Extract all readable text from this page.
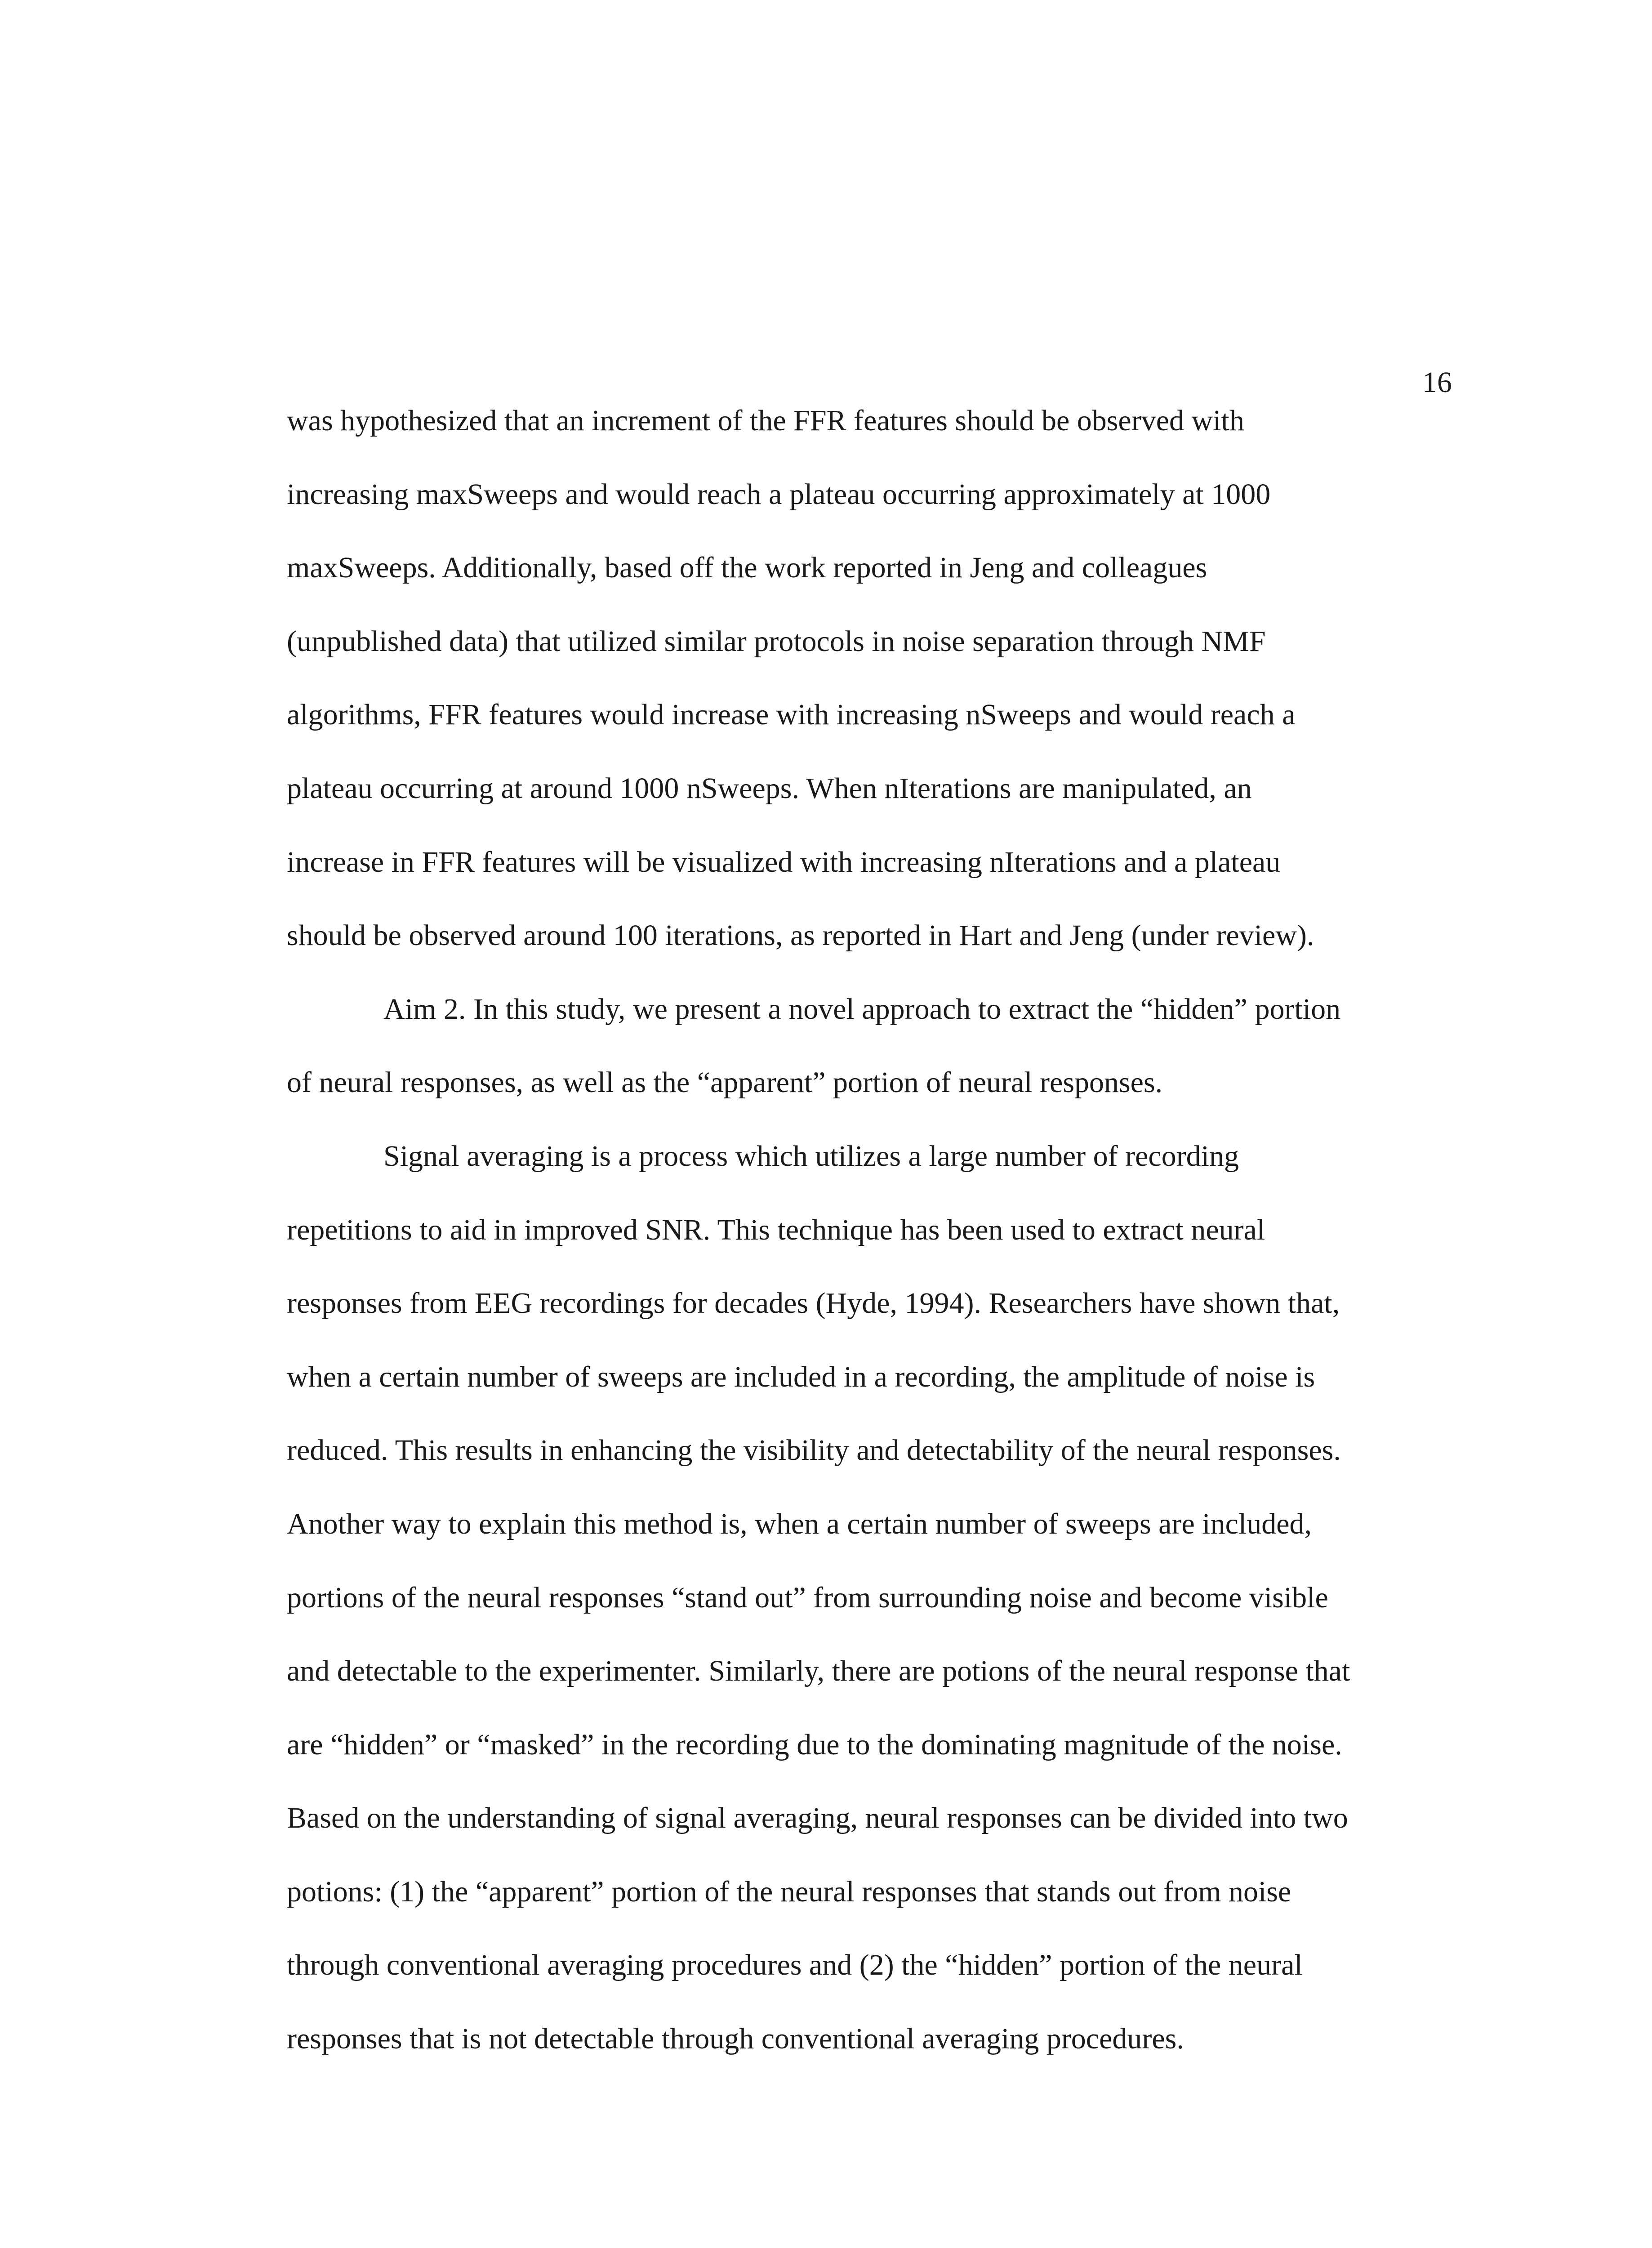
16
was hypothesized that an increment of the FFR features should be observed with
increasing maxSweeps and would reach a plateau occurring approximately at 1000
maxSweeps. Additionally, based off the work reported in Jeng and colleagues
(unpublished data) that utilized similar protocols in noise separation through NMF
algorithms, FFR features would increase with increasing nSweeps and would reach a
plateau occurring at around 1000 nSweeps. When nIterations are manipulated, an
increase in FFR features will be visualized with increasing nIterations and a plateau
should be observed around 100 iterations, as reported in Hart and Jeng (under review).
Aim 2. In this study, we present a novel approach to extract the “hidden” portion
of neural responses, as well as the “apparent” portion of neural responses.
Signal averaging is a process which utilizes a large number of recording
repetitions to aid in improved SNR. This technique has been used to extract neural
responses from EEG recordings for decades (Hyde, 1994). Researchers have shown that,
when a certain number of sweeps are included in a recording, the amplitude of noise is
reduced. This results in enhancing the visibility and detectability of the neural responses.
Another way to explain this method is, when a certain number of sweeps are included,
portions of the neural responses “stand out” from surrounding noise and become visible
and detectable to the experimenter. Similarly, there are potions of the neural response that
are “hidden” or “masked” in the recording due to the dominating magnitude of the noise.
Based on the understanding of signal averaging, neural responses can be divided into two
potions: (1) the “apparent” portion of the neural responses that stands out from noise
through conventional averaging procedures and (2) the “hidden” portion of the neural
responses that is not detectable through conventional averaging procedures.
